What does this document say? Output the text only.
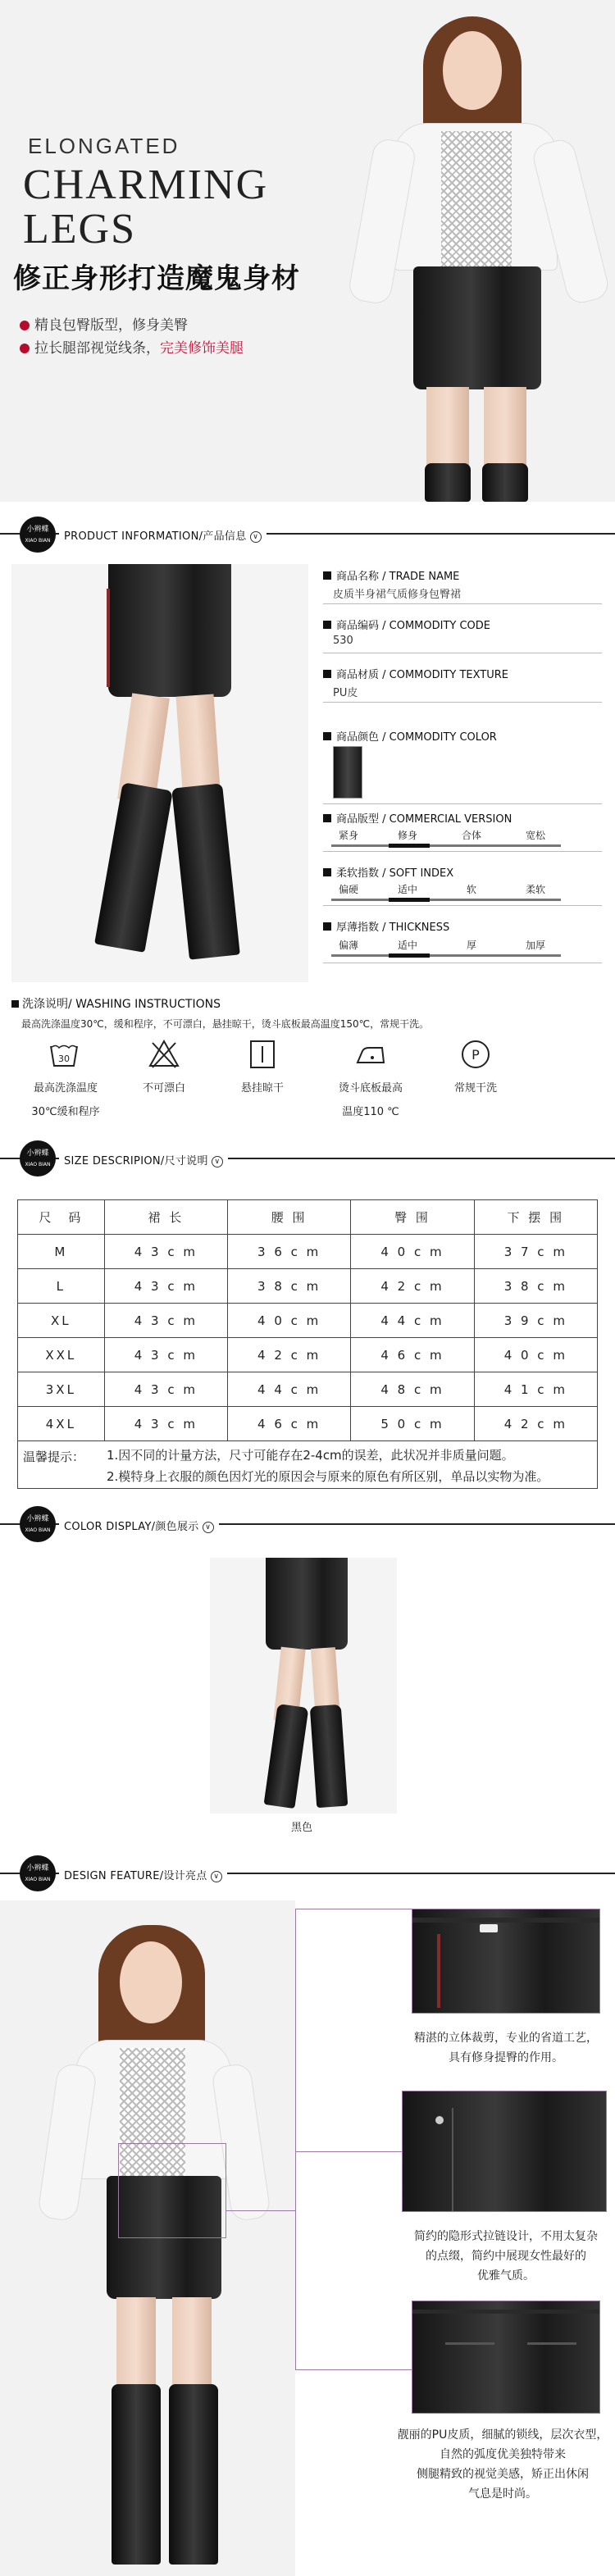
ELONGATED
CHARMING
LEGS
修正身形打造魔鬼身材
精良包臀版型，修身美臀
拉长腿部视觉线条，完美修饰美腿
小辫蝶
XIAO BIAN	PRODUCT INFORMATION/产品信息 ∨
商品名称 / TRADE NAME
皮质半身裙气质修身包臀裙
商品编码 / COMMODITY CODE
530
商品材质 / COMMODITY TEXTURE
PU皮
商品颜色 / COMMODITY COLOR
商品版型 / COMMERCIAL VERSION
紧身	修身	合体	宽松
柔软指数 / SOFT INDEX
偏硬	适中	软	柔软
厚薄指数 / THICKNESS
偏薄	适中	厚	加厚
洗涤说明/ WASHING INSTRUCTIONS
最高洗涤温度30℃，缓和程序，不可漂白，悬挂晾干，烫斗底板最高温度150℃，常规干洗。
30
最高洗涤温度
30℃缓和程序
不可漂白	悬挂晾干	烫斗底板最高
温度110 ℃
P
常规干洗
小辫蝶
XIAO BIAN	SIZE DESCRIPION/尺寸说明 ∨
尺　码	裙 长	腰 围	臀 围	下 摆 围
M	4 3 c m	3 6 c m	4 0 c m	3 7 c m
L	4 3 c m	3 8 c m	4 2 c m	3 8 c m
XL	4 3 c m	4 0 c m	4 4 c m	3 9 c m
XXL	4 3 c m	4 2 c m	4 6 c m	4 0 c m
3XL	4 3 c m	4 4 c m	4 8 c m	4 1 c m
4XL	4 3 c m	4 6 c m	5 0 c m	4 2 c m
温馨提示： 1.因不同的计量方法，尺寸可能存在2-4cm的误差，此状况并非质量问题。
2.模特身上衣服的颜色因灯光的原因会与原来的原色有所区别，单品以实物为准。
小辫蝶
XIAO BIAN	COLOR DISPLAY/颜色展示 ∨
黑色
小辫蝶
XIAO BIAN	DESIGN FEATURE/设计亮点 ∨
精湛的立体裁剪，专业的省道工艺，
具有修身提臀的作用。
简约的隐形式拉链设计，不用太复杂
的点缀，简约中展现女性最好的
优雅气质。
靓丽的PU皮质，细腻的锁线，层次衣型，
自然的弧度优美独特带来
侧腿精致的视觉美感，矫正出休闲
气息是时尚。
